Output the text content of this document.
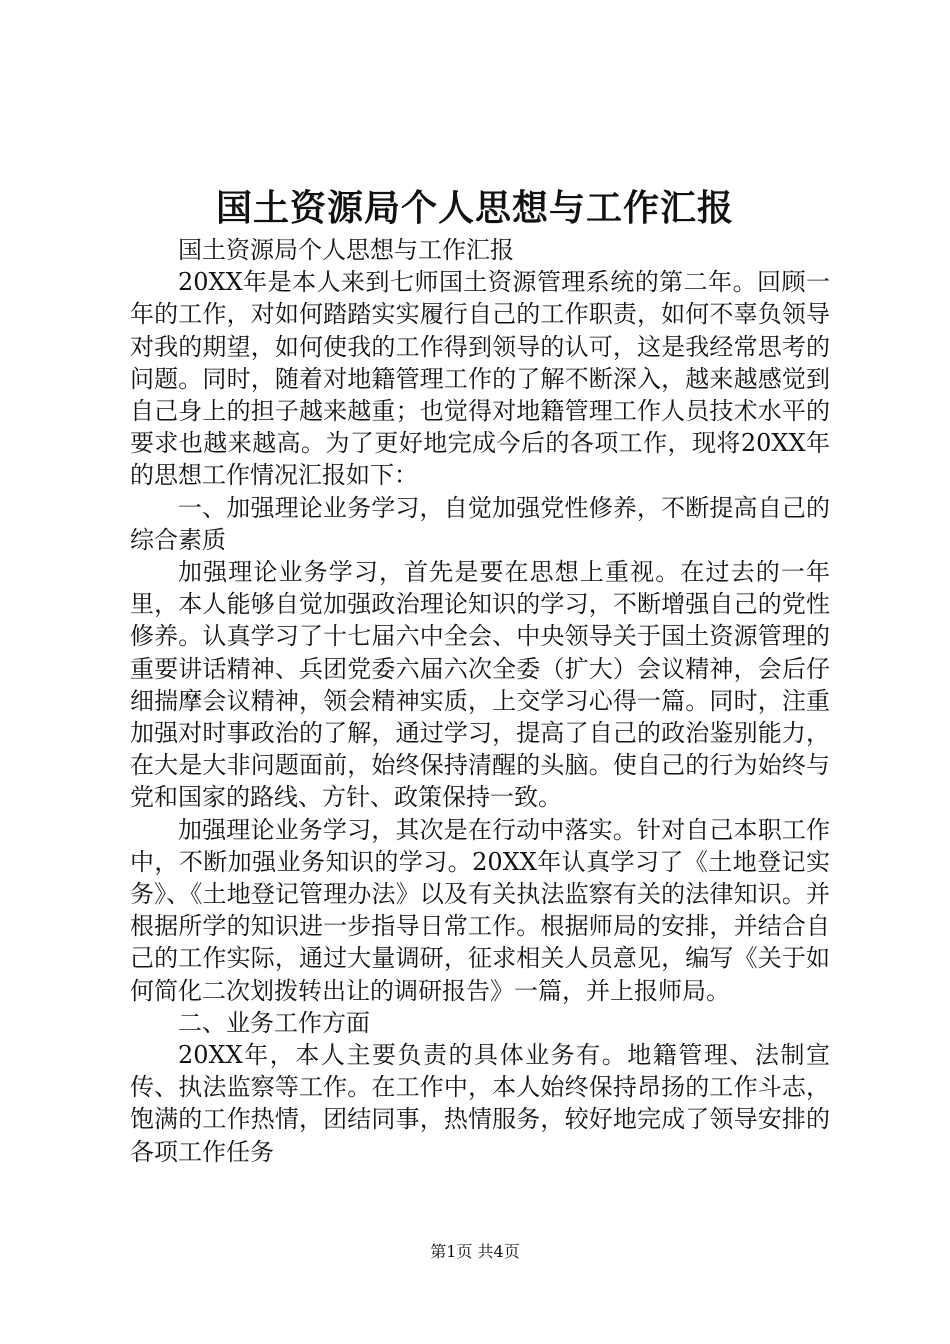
国土资源局个人思想与工作汇报

国土资源局个人思想与工作汇报

20XX年是本人来到七师国土资源管理系统的第二年。回顾一年的工作，对如何踏踏实实履行自己的工作职责，如何不辜负领导对我的期望，如何使我的工作得到领导的认可，这是我经常思考的问题。同时，随着对地籍管理工作的了解不断深入，越来越感觉到自己身上的担子越来越重；也觉得对地籍管理工作人员技术水平的要求也越来越高。为了更好地完成今后的各项工作，现将20XX年的思想工作情况汇报如下：

一、加强理论业务学习，自觉加强党性修养，不断提高自己的综合素质

加强理论业务学习，首先是要在思想上重视。在过去的一年里，本人能够自觉加强政治理论知识的学习，不断增强自己的党性修养。认真学习了十七届六中全会、中央领导关于国土资源管理的重要讲话精神、兵团党委六届六次全委（扩大）会议精神，会后仔细揣摩会议精神，领会精神实质，上交学习心得一篇。同时，注重加强对时事政治的了解，通过学习，提高了自己的政治鉴别能力，在大是大非问题面前，始终保持清醒的头脑。使自己的行为始终与党和国家的路线、方针、政策保持一致。

加强理论业务学习，其次是在行动中落实。针对自己本职工作中，不断加强业务知识的学习。20XX年认真学习了《土地登记实务》、《土地登记管理办法》以及有关执法监察有关的法律知识。并根据所学的知识进一步指导日常工作。根据师局的安排，并结合自己的工作实际，通过大量调研，征求相关人员意见，编写《关于如何简化二次划拨转出让的调研报告》一篇，并上报师局。

二、业务工作方面

20XX年，本人主要负责的具体业务有。地籍管理、法制宣传、执法监察等工作。在工作中，本人始终保持昂扬的工作斗志，饱满的工作热情，团结同事，热情服务，较好地完成了领导安排的各项工作任务

第1页 共4页
